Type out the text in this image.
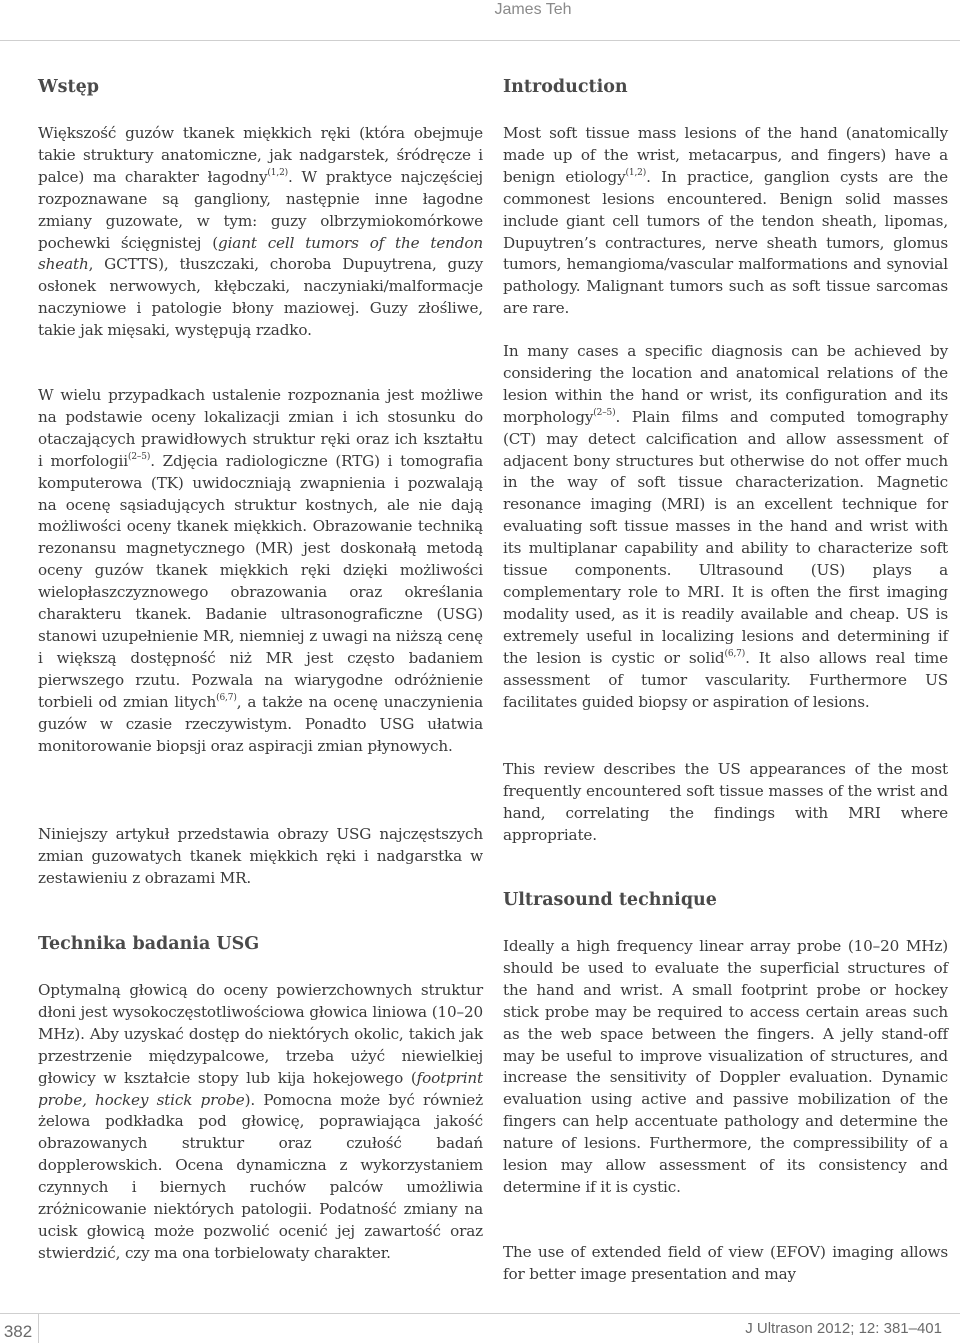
James Teh
Wstęp

Większość guzów tkanek miękkich ręki (która obejmuje takie struktury anatomiczne, jak nadgarstek, śródręcze i palce) ma charakter łagodny$^{(1,2)}$. W praktyce najczęściej rozpoznawane są gangliony, następnie inne łagodne zmiany guzowate, w tym: guzy olbrzymiokomórkowe pochewki ścięgnistej (giant cell tumors of the tendon sheath, GCTTS), tłuszczaki, choroba Dupuytrena, guzy osłonek nerwowych, kłębczaki, naczyniaki/malformacje naczyniowe i patologie błony maziowej. Guzy złośliwe, takie jak mięsaki, występują rzadko.

W wielu przypadkach ustalenie rozpoznania jest możliwe na podstawie oceny lokalizacji zmian i ich stosunku do otaczających prawidłowych struktur ręki oraz ich kształtu i morfologii$^{(2-5)}$. Zdjęcia radiologiczne (RTG) i tomografia komputerowa (TK) uwidoczniają zwapnienia i pozwalają na ocenę sąsiadujących struktur kostnych, ale nie dają możliwości oceny tkanek miękkich. Obrazowanie techniką rezonansu magnetycznego (MR) jest doskonałą metodą oceny guzów tkanek miękkich ręki dzięki możliwości wielopłaszczyznowego obrazowania oraz określania charakteru tkanek. Badanie ultrasonograficzne (USG) stanowi uzupełnienie MR, niemniej z uwagi na niższą cenę i większą dostępność niż MR jest często badaniem pierwszego rzutu. Pozwala na wiarygodne odróżnienie torbieli od zmian litych$^{(6,7)}$, a także na ocenę unaczynienia guzów w czasie rzeczywistym. Ponadto USG ułatwia monitorowanie biopsji oraz aspiracji zmian płynowych.

Niniejszy artykuł przedstawia obrazy USG najczęstszych zmian guzowatych tkanek miękkich ręki i nadgarstka w zestawieniu z obrazami MR.

Technika badania USG

Optymalną głowicą do oceny powierzchownych struktur dłoni jest wysokoczęstotliwościowa głowica liniowa (10–20 MHz). Aby uzyskać dostęp do niektórych okolic, takich jak przestrzenie międzypalcowe, trzeba użyć niewielkiej głowicy w kształcie stopy lub kija hokejowego (footprint probe, hockey stick probe). Pomocna może być również żelowa podkładka pod głowicę, poprawiająca jakość obrazowanych struktur oraz czułość badań dopplerowskich. Ocena dynamiczna z wykorzystaniem czynnych i biernych ruchów palców umożliwia zróżnicowanie niektórych patologii. Podatność zmiany na ucisk głowicą może pozwolić ocenić jej zawartość oraz stwierdzić, czy ma ona torbielowaty charakter.

Introduction

Most soft tissue mass lesions of the hand (anatomically made up of the wrist, metacarpus, and fingers) have a benign etiology$^{(1,2)}$. In practice, ganglion cysts are the commonest lesions encountered. Benign solid masses include giant cell tumors of the tendon sheath, lipomas, Dupuytren’s contractures, nerve sheath tumors, glomus tumors, hemangioma/vascular malformations and synovial pathology. Malignant tumors such as soft tissue sarcomas are rare.

In many cases a specific diagnosis can be achieved by considering the location and anatomical relations of the lesion within the hand or wrist, its configuration and its morphology$^{(2-5)}$. Plain films and computed tomography (CT) may detect calcification and allow assessment of adjacent bony structures but otherwise do not offer much in the way of soft tissue characterization. Magnetic resonance imaging (MRI) is an excellent technique for evaluating soft tissue masses in the hand and wrist with its multiplanar capability and ability to characterize soft tissue components. Ultrasound (US) plays a complementary role to MRI. It is often the first imaging modality used, as it is readily available and cheap. US is extremely useful in localizing lesions and determining if the lesion is cystic or solid$^{(6,7)}$. It also allows real time assessment of tumor vascularity. Furthermore US facilitates guided biopsy or aspiration of lesions.

This review describes the US appearances of the most frequently encountered soft tissue masses of the wrist and hand, correlating the findings with MRI where appropriate.

Ultrasound technique

Ideally a high frequency linear array probe (10–20 MHz) should be used to evaluate the superficial structures of the hand and wrist. A small footprint probe or hockey stick probe may be required to access certain areas such as the web space between the fingers. A jelly stand-off may be useful to improve visualization of structures, and increase the sensitivity of Doppler evaluation. Dynamic evaluation using active and passive mobilization of the fingers can help accentuate pathology and determine the nature of lesions. Furthermore, the compressibility of a lesion may allow assessment of its consistency and determine if it is cystic.

The use of extended field of view (EFOV) imaging allows for better image presentation and may

382	J Ultrason 2012; 12: 381–401
